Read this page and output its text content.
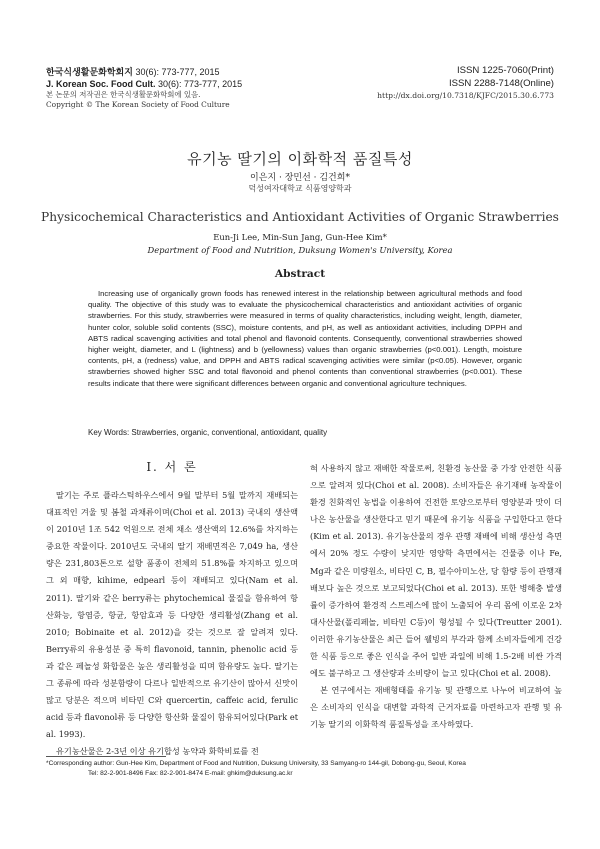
한국식생활문화학회지 30(6): 773-777, 2015
J. Korean Soc. Food Cult. 30(6): 773-777, 2015
본 논문의 저작권은 한국식생활문화학회에 있음.
Copyright © The Korean Society of Food Culture
ISSN 1225-7060(Print)
ISSN 2288-7148(Online)
http://dx.doi.org/10.7318/KJFC/2015.30.6.773
유기농 딸기의 이화학적 품질특성
이은지 · 장민선 · 김건희*
덕성여자대학교 식품영양학과
Physicochemical Characteristics and Antioxidant Activities of Organic Strawberries
Eun-Ji Lee, Min-Sun Jang, Gun-Hee Kim*
Department of Food and Nutrition, Duksung Women's University, Korea
Abstract
Increasing use of organically grown foods has renewed interest in the relationship between agricultural methods and food quality. The objective of this study was to evaluate the physicochemical characteristics and antioxidant activities of organic strawberries. For this study, strawberries were measured in terms of quality characteristics, including weight, length, diameter, hunter color, soluble solid contents (SSC), moisture contents, and pH, as well as antioxidant activities, including DPPH and ABTS radical scavenging activities and total phenol and flavonoid contents. Consequently, conventional strawberries showed higher weight, diameter, and L (lightness) and b (yellowness) values than organic strawberries (p<0.001). Length, moisture contents, pH, a (redness) value, and DPPH and ABTS radical scavenging activities were similar (p<0.05). However, organic strawberries showed higher SSC and total flavonoid and phenol contents than conventional strawberries (p<0.001). These results indicate that there were significant differences between organic and conventional agriculture techniques.
Key Words: Strawberries, organic, conventional, antioxidant, quality
I. 서 론

딸기는 주로 플라스틱하우스에서 9월 말부터 5월 말까지 재배되는 대표적인 겨울 및 봄철 과채류이며(Choi et al. 2013) 국내의 생산액이 2010년 1조 542 억원으로 전체 채소 생산액의 12.6%를 차지하는 중요한 작물이다. 2010년도 국내의 딸기 재배면적은 7,049 ha, 생산량은 231,803톤으로 설향 품종이 전체의 51.8%를 차지하고 있으며 그 외 매향, kihime, edpearl 등이 재배되고 있다(Nam et al. 2011). 딸기와 같은 berry류는 phytochemical 물질을 함유하여 항산화능, 항염증, 항균, 항암효과 등 다양한 생리활성(Zhang et al. 2010; Bobinaite et al. 2012)을 갖는 것으로 잘 알려져 있다. Berry류의 유용성분 중 특히 flavonoid, tannin, phenolic acid 등과 같은 페놀성 화합물은 높은 생리활성을 띠며 함유량도 높다. 딸기는 그 종류에 따라 성분함량이 다르나 일반적으로 유기산이 많아서 신맛이 많고 당분은 적으며 비타민 C와 quercertin, caffeic acid, ferulic acid 등과 flavonol류 등 다양한 항산화 물질이 함유되어있다(Park et al. 1993).

유기농산물은 2-3년 이상 유기합성 농약과 화학비료를 전

혀 사용하지 않고 재배한 작물로써, 친환경 농산물 중 가장 안전한 식품으로 알려져 있다(Choi et al. 2008). 소비자들은 유기재배 농작물이 환경 친화적인 농법을 이용하여 건전한 토양으로부터 영양분과 맛이 더 나은 농산물을 생산한다고 믿기 때문에 유기농 식품을 구입한다고 한다(Kim et al. 2013). 유기농산물의 경우 관행 재배에 비해 생산성 측면에서 20% 정도 수량이 낮지만 영양학 측면에서는 건물중 이나 Fe, Mg과 같은 미량원소, 비타민 C, B, 필수아미노산, 당 함량 등이 관행재배보다 높은 것으로 보고되었다(Choi et al. 2013). 또한 병해충 발생률이 증가하여 환경적 스트레스에 많이 노출되어 우리 몸에 이로운 2차 대사산물(폴리페놀, 비타민 C등)이 형성될 수 있다(Treutter 2001). 이러한 유기농산물은 최근 들어 웰빙의 부각과 함께 소비자들에게 건강한 식품 등으로 좋은 인식을 주어 일반 과일에 비해 1.5-2배 비싼 가격에도 불구하고 그 생산량과 소비량이 늘고 있다(Choi et al. 2008).

본 연구에서는 재배형태를 유기농 및 관행으로 나누어 비교하여 높은 소비자의 인식을 대변할 과학적 근거자료를 마련하고자 관행 및 유기농 딸기의 이화학적 품질특성을 조사하였다.

*Corresponding author: Gun-Hee Kim, Department of Food and Nutrition, Duksung University, 33 Samyang-ro 144-gil, Dobong-gu, Seoul, Korea
Tel: 82-2-901-8496 Fax: 82-2-901-8474 E-mail: ghkim@duksung.ac.kr
